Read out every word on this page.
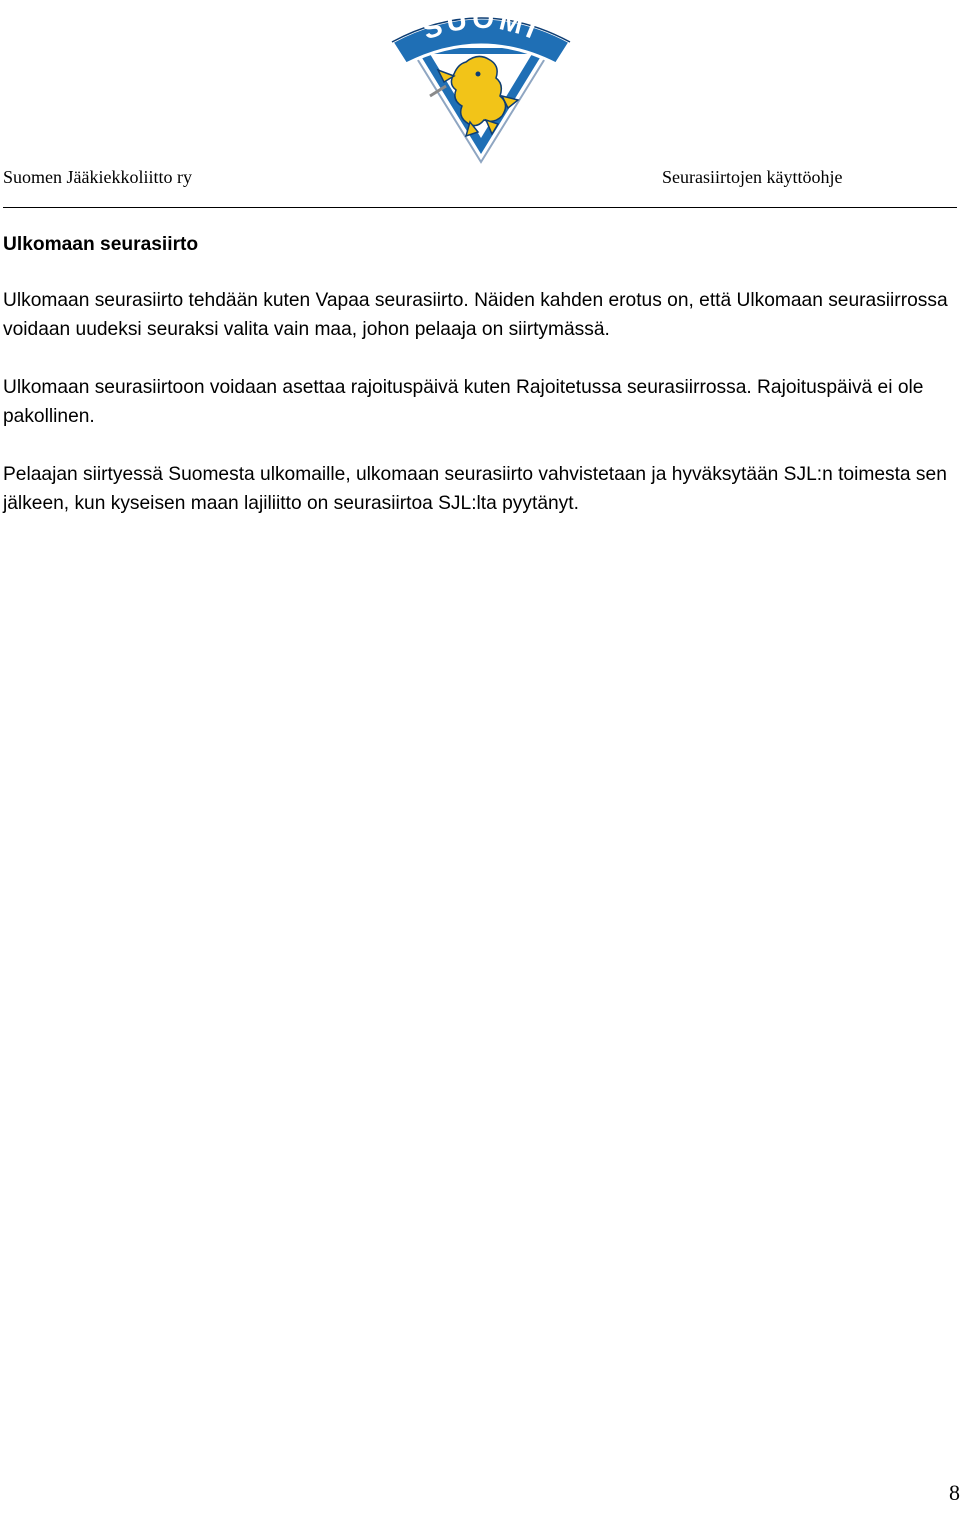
SUOMI
Suomen Jääkiekkoliitto ry	Seurasiirtojen käyttöohje
Ulkomaan seurasiirto

Ulkomaan seurasiirto tehdään kuten Vapaa seurasiirto. Näiden kahden erotus on, että Ulkomaan seurasiirrossa voidaan uudeksi seuraksi valita vain maa, johon pelaaja on siirtymässä.

Ulkomaan seurasiirtoon voidaan asettaa rajoituspäivä kuten Rajoitetussa seurasiirrossa. Rajoituspäivä ei ole pakollinen.

Pelaajan siirtyessä Suomesta ulkomaille, ulkomaan seurasiirto vahvistetaan ja hyväksytään SJL:n toimesta sen jälkeen, kun kyseisen maan lajiliitto on seurasiirtoa SJL:lta pyytänyt.

8
